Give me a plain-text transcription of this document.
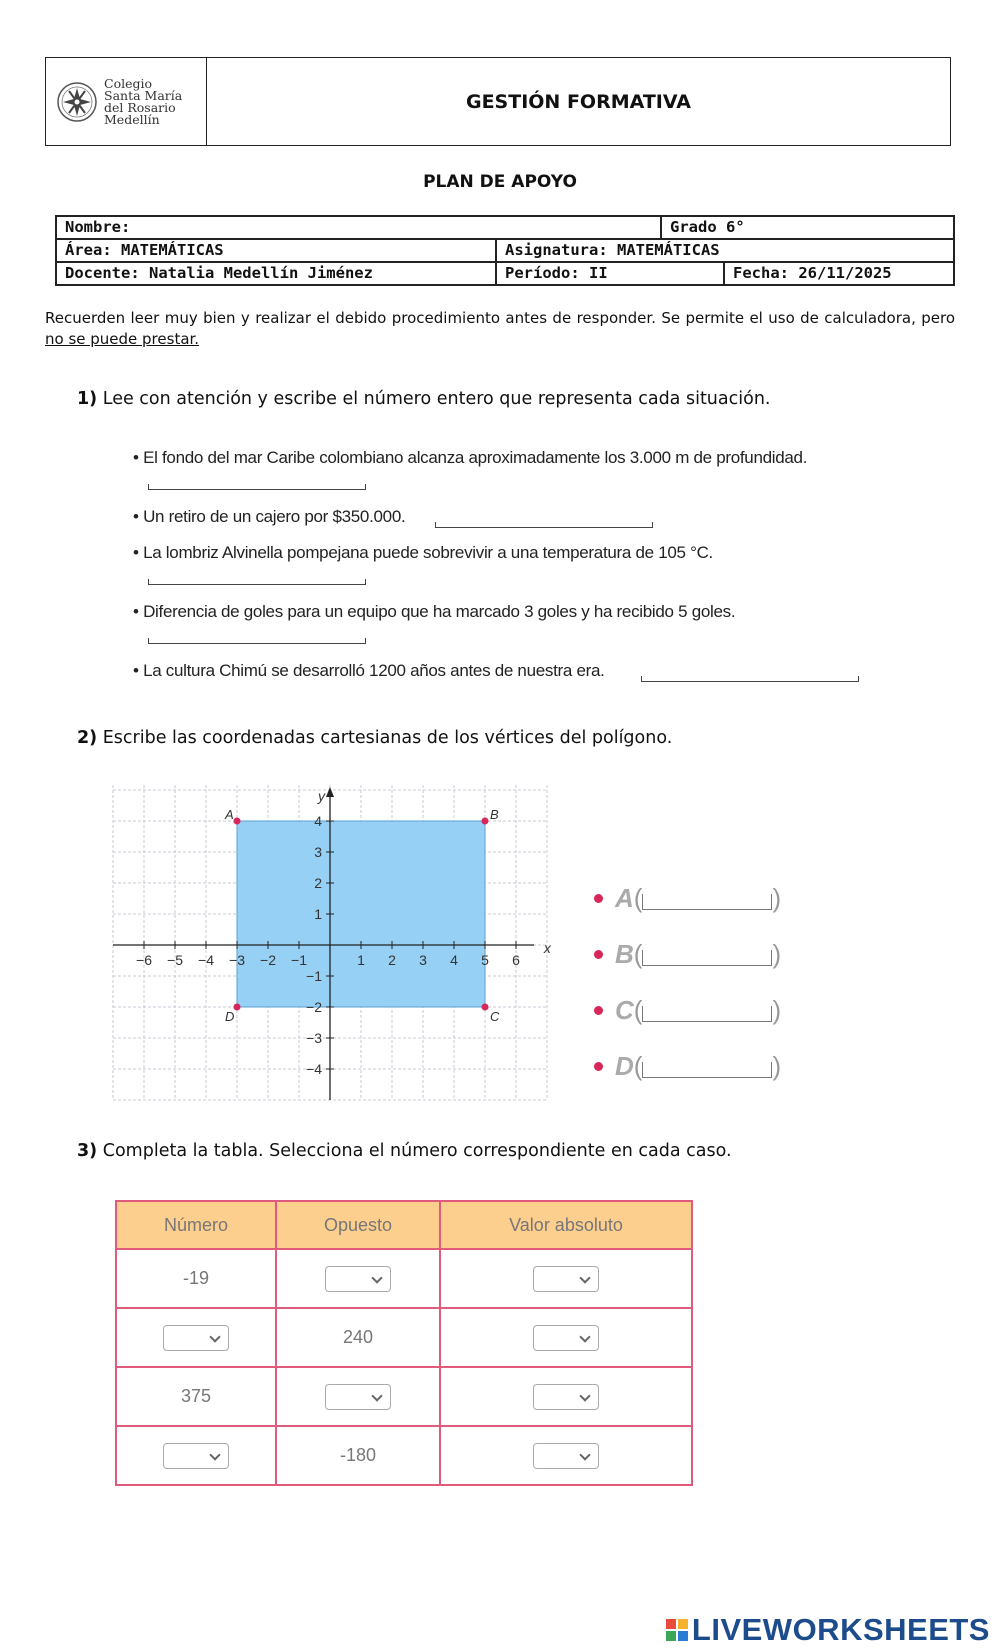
Colegio
Santa María
del Rosario
Medellín
GESTIÓN FORMATIVA
PLAN DE APOYO
Nombre:	Grado 6°
Área: MATEMÁTICAS	Asignatura: MATEMÁTICAS
Docente: Natalia Medellín Jiménez	Período: II	Fecha: 26/11/2025
Recuerden leer muy bien y realizar el debido procedimiento antes de responder. Se permite el uso de calculadora, pero no se puede prestar.
1) Lee con atención y escribe el número entero que representa cada situación.
• El fondo del mar Caribe colombiano alcanza aproximadamente los 3.000 m de profundidad.
• Un retiro de un cajero por $350.000.
• La lombriz Alvinella pompejana puede sobrevivir a una temperatura de 105 °C.
• Diferencia de goles para un equipo que ha marcado 3 goles y ha recibido 5 goles.
• La cultura Chimú se desarrolló 1200 años antes de nuestra era.
2) Escribe las coordenadas cartesianas de los vértices del polígono.
x
y
−6 −5 −4 −3 −2 −1	1 2 3 4 5 6
−4
−3
−2
−1
1
2
3
4
A	B
C
D
A (	)
B (	)
C (	)
D (	)
3) Completa la tabla. Selecciona el número correspondiente en cada caso.
Número	Opuesto	Valor absoluto
-19		
	240	
375		
	-180	
LIVEWORKSHEETS
